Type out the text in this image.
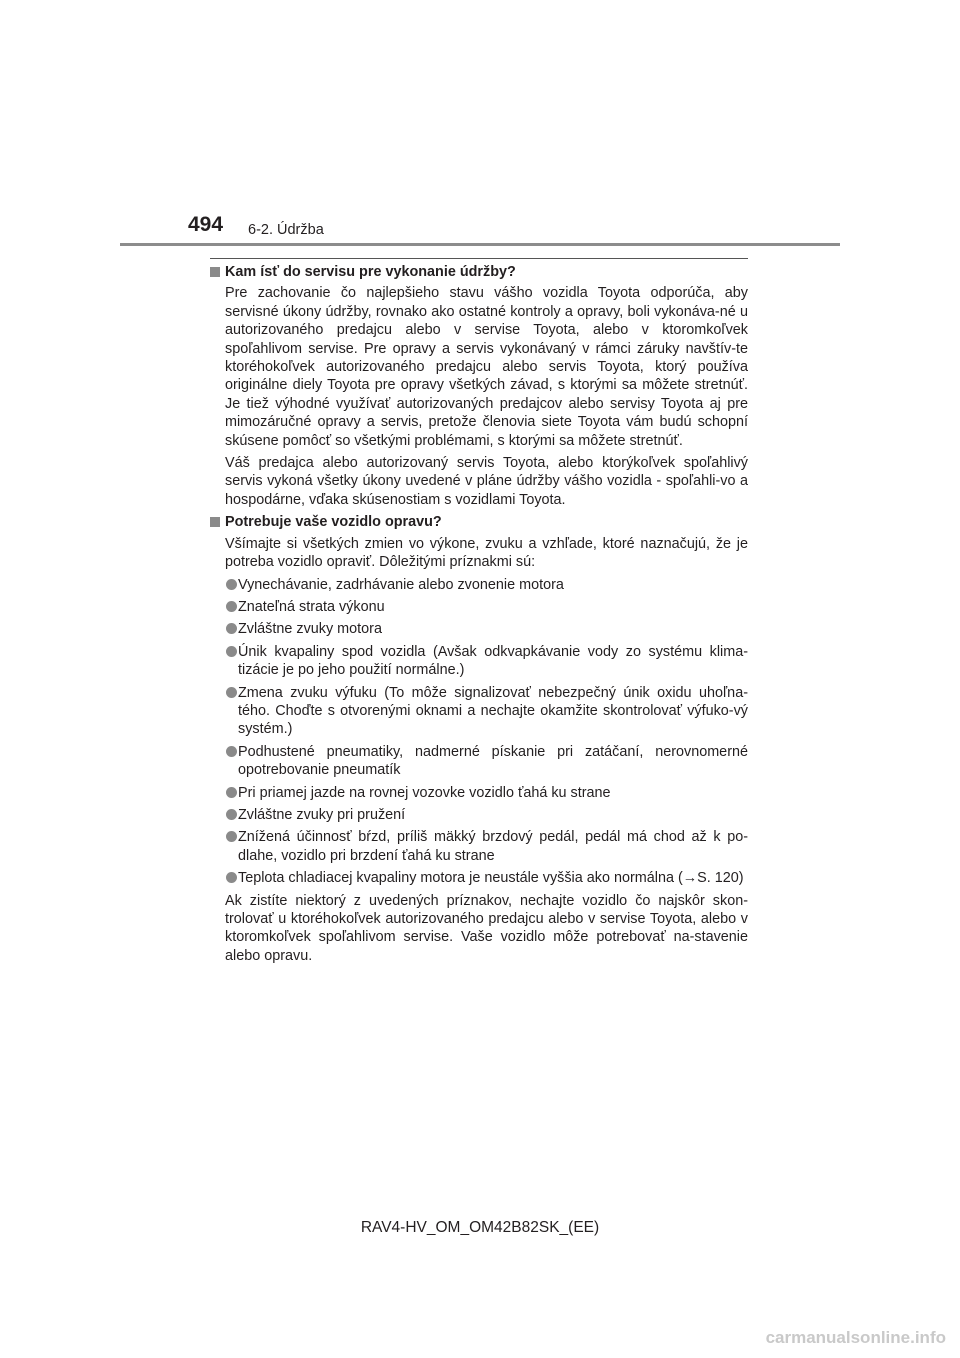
494 6-2. Údržba
Kam ísť do servisu pre vykonanie údržby?

Pre zachovanie čo najlepšieho stavu vášho vozidla Toyota odporúča, aby servisné úkony údržby, rovnako ako ostatné kontroly a opravy, boli vykonáva-né u autorizovaného predajcu alebo v servise Toyota, alebo v ktoromkoľvek spoľahlivom servise. Pre opravy a servis vykonávaný v rámci záruky navštív-te ktoréhokoľvek autorizovaného predajcu alebo servis Toyota, ktorý používa originálne diely Toyota pre opravy všetkých závad, s ktorými sa môžete stretnúť. Je tiež výhodné využívať autorizovaných predajcov alebo servisy Toyota aj pre mimozáručné opravy a servis, pretože členovia siete Toyota vám budú schopní skúsene pomôcť so všetkými problémami, s ktorými sa môžete stretnúť.

Váš predajca alebo autorizovaný servis Toyota, alebo ktorýkoľvek spoľahlivý servis vykoná všetky úkony uvedené v pláne údržby vášho vozidla - spoľahli-vo a hospodárne, vďaka skúsenostiam s vozidlami Toyota.

Potrebuje vaše vozidlo opravu?

Všímajte si všetkých zmien vo výkone, zvuku a vzhľade, ktoré naznačujú, že je potreba vozidlo opraviť. Dôležitými príznakmi sú:

Vynechávanie, zadrhávanie alebo zvonenie motora
Znateľná strata výkonu
Zvláštne zvuky motora
Únik kvapaliny spod vozidla (Avšak odkvapkávanie vody zo systému klima-tizácie je po jeho použití normálne.)
Zmena zvuku výfuku (To môže signalizovať nebezpečný únik oxidu uhoľna-tého. Choďte s otvorenými oknami a nechajte okamžite skontrolovať výfuko-vý systém.)
Podhustené pneumatiky, nadmerné pískanie pri zatáčaní, nerovnomerné opotrebovanie pneumatík
Pri priamej jazde na rovnej vozovke vozidlo ťahá ku strane
Zvláštne zvuky pri pružení
Znížená účinnosť bŕzd, príliš mäkký brzdový pedál, pedál má chod až k po-dlahe, vozidlo pri brzdení ťahá ku strane
Teplota chladiacej kvapaliny motora je neustále vyššia ako normálna (→S. 120)

Ak zistíte niektorý z uvedených príznakov, nechajte vozidlo čo najskôr skon-trolovať u ktoréhokoľvek autorizovaného predajcu alebo v servise Toyota, alebo v ktoromkoľvek spoľahlivom servise. Vaše vozidlo môže potrebovať na-stavenie alebo opravu.

RAV4-HV_OM_OM42B82SK_(EE)
carmanualsonline.info
